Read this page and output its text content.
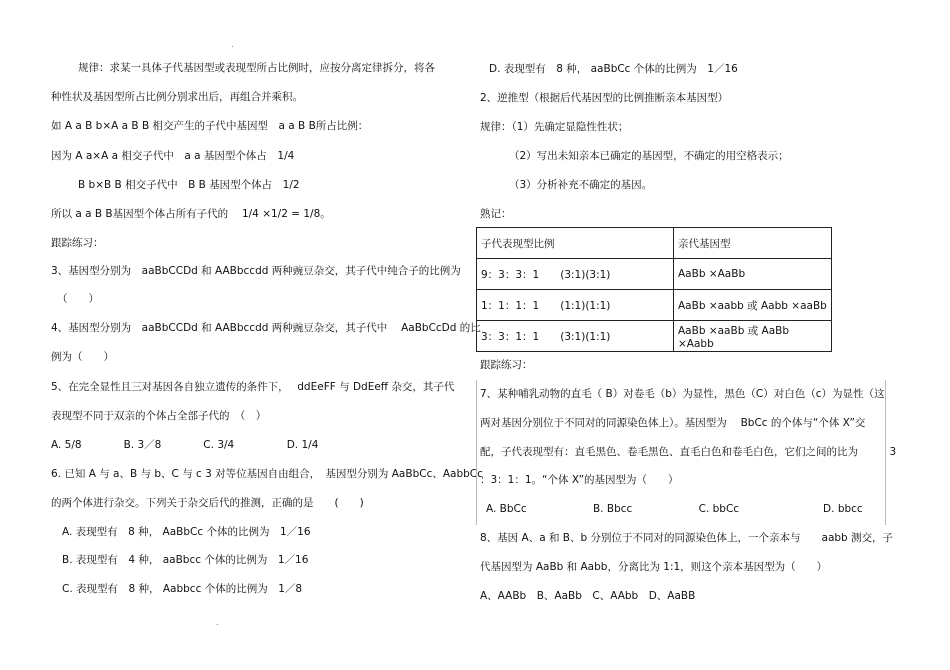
.
规律：求某一具体子代基因型或表现型所占比例时，应按分离定律拆分，将各
种性状及基因型所占比例分别求出后，再组合并乘积。
如 A a B b×A a B B 相交产生的子代中基因型　a a B B所占比例：
因为 A a×A a 相交子代中　a a 基因型个体占　1/4
B b×B B 相交子代中　B B 基因型个体占　1/2
所以 a a B B基因型个体占所有子代的　 1/4 ×1/2 = 1/8。
跟踪练习：
3、基因型分别为　aaBbCCDd 和 AABbccdd 两种豌豆杂交，其子代中纯合子的比例为
（　　）
4、基因型分别为　aaBbCCDd 和 AABbccdd 两种豌豆杂交，其子代中　 AaBbCcDd 的比
例为（　　）
5、在完全显性且三对基因各自独立遗传的条件下，　 ddEeFF 与 DdEeff 杂交，其子代
表现型不同于双亲的个体占全部子代的　（　）
A. 5/8　　　　B. 3／8　　　　C. 3/4　　　　　D. 1/4
6. 已知 A 与 a、B 与 b、C 与 c 3 对等位基因自由组合，　基因型分别为 AaBbCc、AabbCc
的两个体进行杂交。下列关于杂交后代的推测，正确的是　　(　　)
A. 表现型有　8 种， AaBbCc 个体的比例为　1／16
B. 表现型有　4 种， aaBbcc 个体的比例为　1／16
C. 表现型有　8 种， Aabbcc 个体的比例为　1／8
.
D. 表现型有　8 种， aaBbCc 个体的比例为　1／16
2、逆推型（根据后代基因型的比例推断亲本基因型）
规律：（1）先确定显隐性性状；
（2）写出未知亲本已确定的基因型，不确定的用空格表示；
（3）分析补充不确定的基因。
熟记：
子代表现型比例	亲代基因型
9：3：3：1　　(3:1)(3:1)	AaBb ×AaBb
1：1：1：1　　(1:1)(1:1)	AaBb ×aabb 或 Aabb ×aaBb
3：3：1：1　　(3:1)(1:1)	AaBb ×aaBb 或 AaBb ×Aabb
跟踪练习：
7、某种哺乳动物的直毛（ B）对卷毛（b）为显性，黑色（C）对白色（c）为显性（这
两对基因分别位于不同对的同源染色体上）。基因型为　 BbCc 的个体与“个体 X”交
配，子代表现型有：直毛黑色、卷毛黑色、直毛白色和卷毛白色，它们之间的比为　　　3
：3：1：1。“个体 X”的基因型为（　　）
A. BbCc　　　　　　 B. Bbcc　　　　　　 C. bbCc　　　　　　　　D. bbcc
8、基因 A、a 和 B、b 分别位于不同对的同源染色体上，一个亲本与　　aabb 测交，子
代基因型为 AaBb 和 Aabb，分离比为 1:1，则这个亲本基因型为（　　）
A、AABb　B、AaBb　C、AAbb　D、AaBB
